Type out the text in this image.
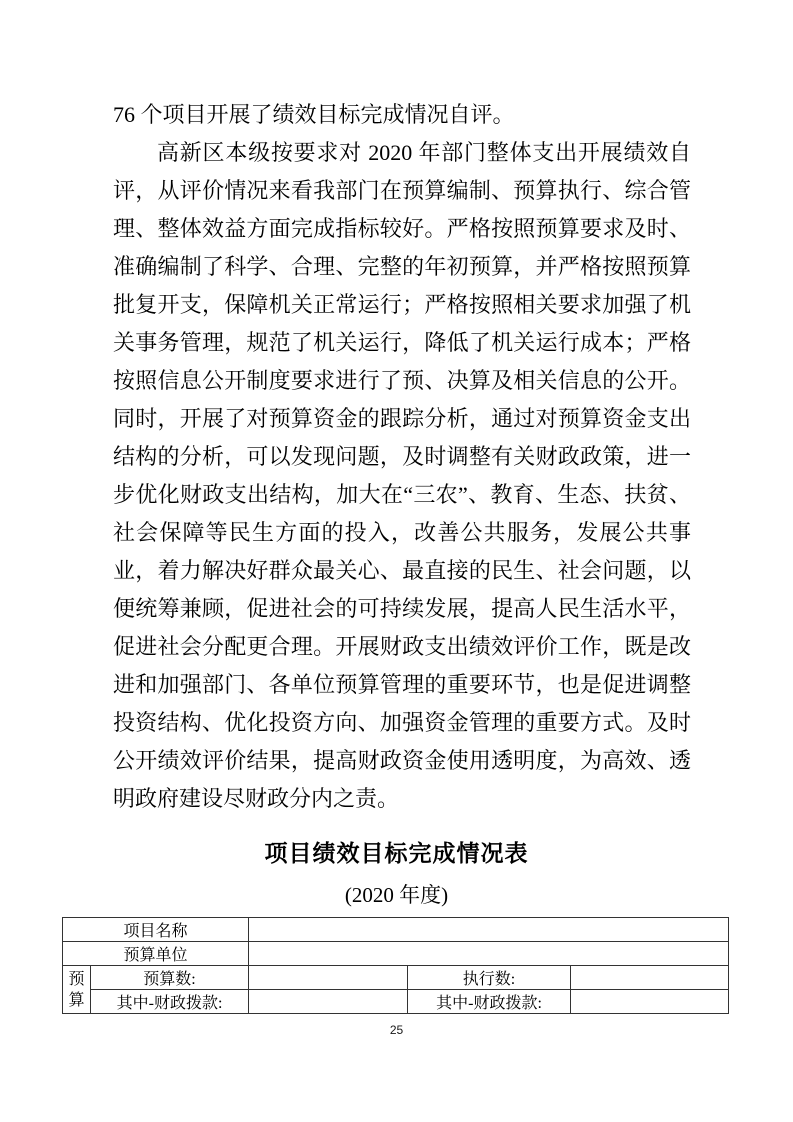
76 个项目开展了绩效目标完成情况自评。

高新区本级按要求对 2020 年部门整体支出开展绩效自评，从评价情况来看我部门在预算编制、预算执行、综合管理、整体效益方面完成指标较好。严格按照预算要求及时、准确编制了科学、合理、完整的年初预算，并严格按照预算批复开支，保障机关正常运行；严格按照相关要求加强了机关事务管理，规范了机关运行，降低了机关运行成本；严格按照信息公开制度要求进行了预、决算及相关信息的公开。同时，开展了对预算资金的跟踪分析，通过对预算资金支出结构的分析，可以发现问题，及时调整有关财政政策，进一步优化财政支出结构，加大在“三农”、教育、生态、扶贫、社会保障等民生方面的投入，改善公共服务，发展公共事业，着力解决好群众最关心、最直接的民生、社会问题，以便统筹兼顾，促进社会的可持续发展，提高人民生活水平，促进社会分配更合理。开展财政支出绩效评价工作，既是改进和加强部门、各单位预算管理的重要环节，也是促进调整投资结构、优化投资方向、加强资金管理的重要方式。及时公开绩效评价结果，提高财政资金使用透明度，为高效、透明政府建设尽财政分内之责。

项目绩效目标完成情况表
(2020 年度)
项目名称				
预算单位				
预算	预算数:		执行数:	
	其中-财政拨款:		其中-财政拨款:	
25
